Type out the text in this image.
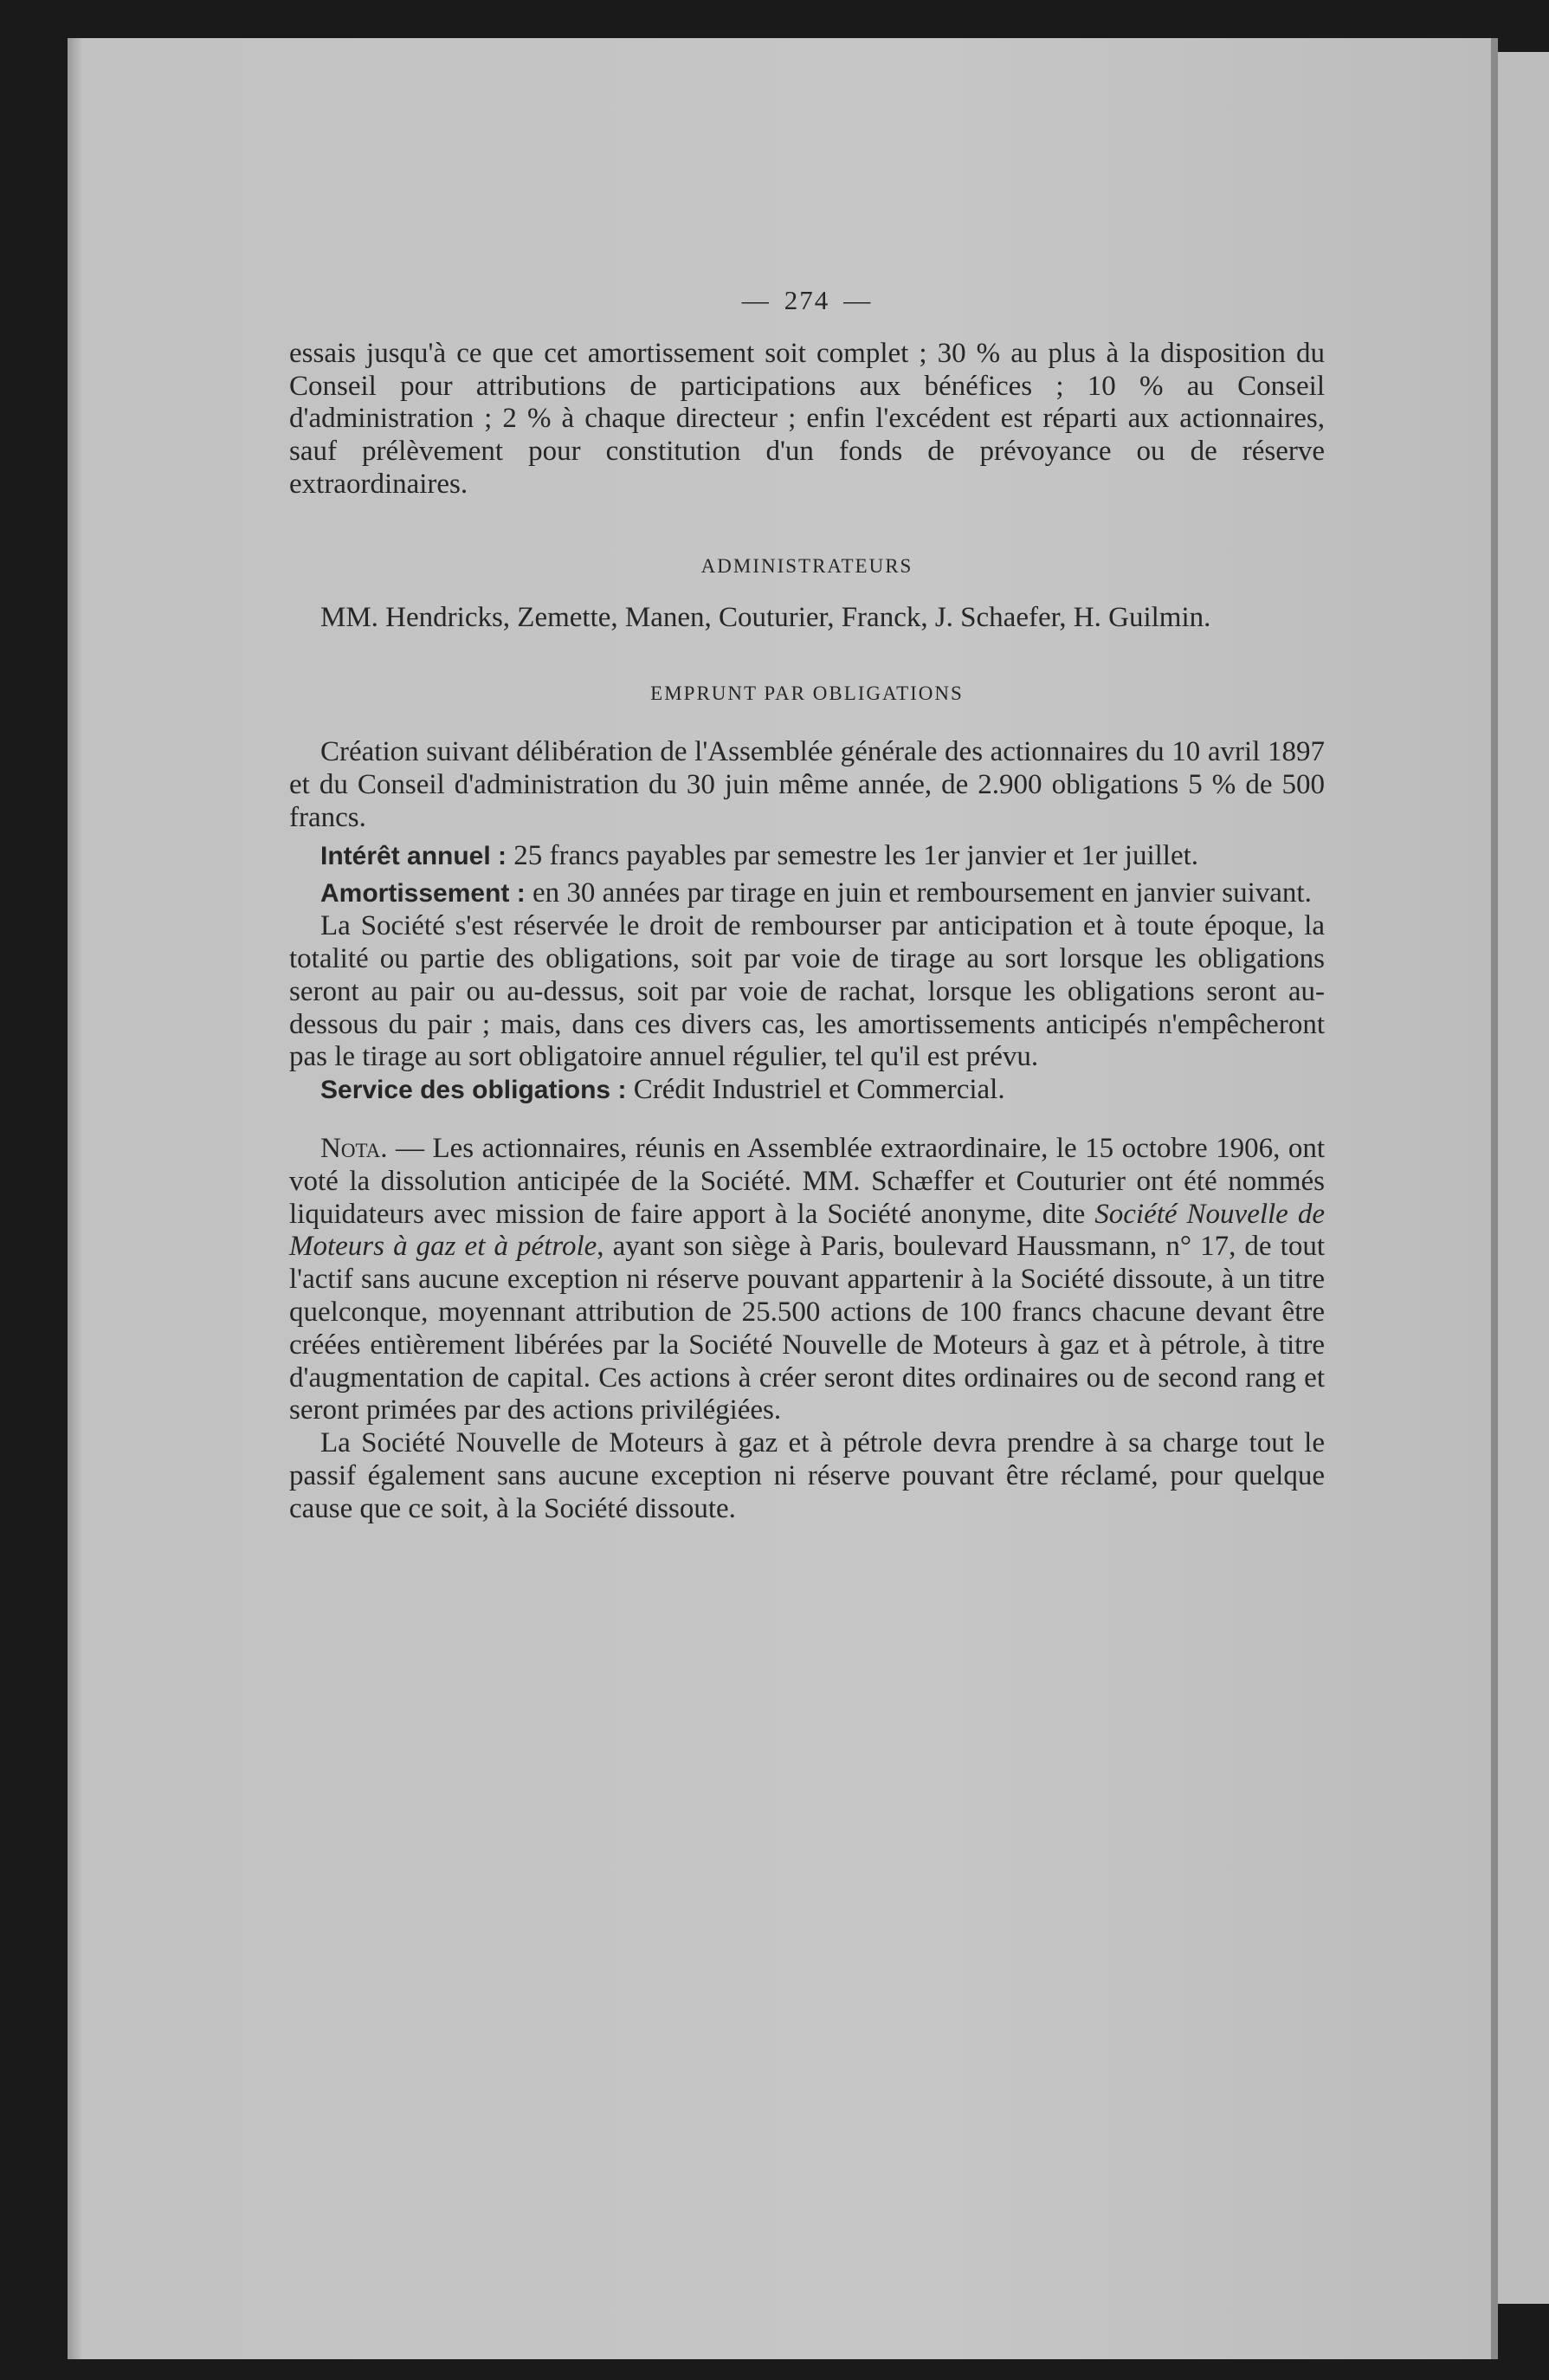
— 274 —

essais jusqu'à ce que cet amortissement soit complet ; 30 % au plus à la disposition du Conseil pour attributions de participations aux bénéfices ; 10 % au Conseil d'administration ; 2 % à chaque directeur ; enfin l'excédent est réparti aux actionnaires, sauf prélèvement pour constitution d'un fonds de prévoyance ou de réserve extraordinaires.

ADMINISTRATEURS

MM. Hendricks, Zemette, Manen, Couturier, Franck, J. Schaefer, H. Guilmin.

EMPRUNT PAR OBLIGATIONS

Création suivant délibération de l'Assemblée générale des actionnaires du 10 avril 1897 et du Conseil d'administration du 30 juin même année, de 2.900 obligations 5 % de 500 francs.

Intérêt annuel : 25 francs payables par semestre les 1er janvier et 1er juillet.

Amortissement : en 30 années par tirage en juin et remboursement en janvier suivant.

La Société s'est réservée le droit de rembourser par anticipation et à toute époque, la totalité ou partie des obligations, soit par voie de tirage au sort lorsque les obligations seront au pair ou au-dessus, soit par voie de rachat, lorsque les obligations seront au-dessous du pair ; mais, dans ces divers cas, les amortissements anticipés n'empêcheront pas le tirage au sort obligatoire annuel régulier, tel qu'il est prévu.

Service des obligations : Crédit Industriel et Commercial.

Nota. — Les actionnaires, réunis en Assemblée extraordinaire, le 15 octobre 1906, ont voté la dissolution anticipée de la Société. MM. Schæffer et Couturier ont été nommés liquidateurs avec mission de faire apport à la Société anonyme, dite Société Nouvelle de Moteurs à gaz et à pétrole, ayant son siège à Paris, boulevard Haussmann, n° 17, de tout l'actif sans aucune exception ni réserve pouvant appartenir à la Société dissoute, à un titre quelconque, moyennant attribution de 25.500 actions de 100 francs chacune devant être créées entièrement libérées par la Société Nouvelle de Moteurs à gaz et à pétrole, à titre d'augmentation de capital. Ces actions à créer seront dites ordinaires ou de second rang et seront primées par des actions privilégiées.

La Société Nouvelle de Moteurs à gaz et à pétrole devra prendre à sa charge tout le passif également sans aucune exception ni réserve pouvant être réclamé, pour quelque cause que ce soit, à la Société dissoute.
